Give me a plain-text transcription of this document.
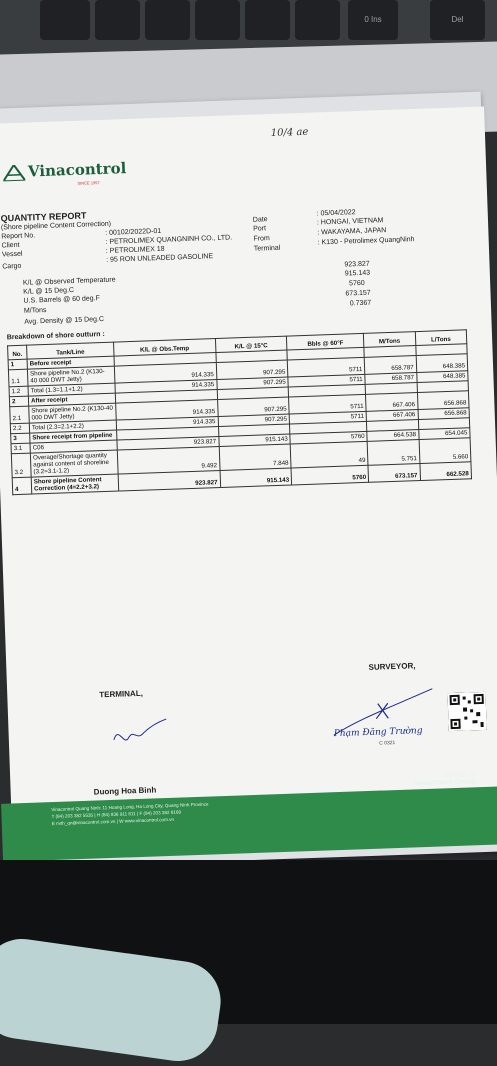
0 Ins	Del
Vinacontrol
SINCE 1957
10/4 ae
QUANTITY REPORT
(Shore pipeline Content Correction)
Report No.	: 00102/2022D-01
Client	: PETROLIMEX QUANGNINH CO., LTD.
Vessel	: PETROLIMEX 18
Cargo
: 95 RON UNLEADED GASOLINE
Date
: 05/04/2022
Port
: HONGAI, VIETNAM
From
: WAKAYAMA, JAPAN
Terminal
: K130 - Petrolimex QuangNinh
K/L @ Observed Temperature
923.827
K/L @ 15 Deg.C
915.143
U.S. Barrels @ 60 deg.F
5760
M/Tons
673.157
Avg. Density @ 15 Deg.C
0.7367
Breakdown of shore outturn :
No.	Tank/Line	K/L @ Obs.Temp	K/L @ 15°C	Bbls @ 60°F	M/Tons	L/Tons
1	Before receipt					
1.1	Shore pipeline No.2 (K130- 40 000 DWT Jetty)	914.335	907.295	5711	658.787	648.385
1.2	Total (1.3=1.1+1.2)	914.335	907.295	5711	658.787	648.385
2	After receipt					
2.1	Shore pipeline No.2 (K130-40 000 DWT Jetty)	914.335	907.295	5711	667.406	656.868
2.2	Total (2.3=2.1+2.2)	914.335	907.295	5711	667.406	656.868
3	Shore receipt from pipeline					
3.1	C06	923.827	915.143	5760	664.538	654.045
3.2	Overage/Shortage quantity against content of shoreline (3.2=3.1-1.2)	9.492	7.848	49	5.751	5.660
4	Shore pipeline Content Correction (4=2.2+3.2)	923.827	915.143	5760	673.157	662.528
TERMINAL,
SURVEYOR,
Phạm Đăng Trường
C 0321
Duong Hoa Binh
Vinacontrol Quang Ninh: 11 Hoang Long, Ha Long City, Quang Ninh Province
T (84) 203 382 5535 | H (84) 936 911 811 | F (84) 203 382 6169
E nvth_qn@vinacontrol.com.vn | W www.vinacontrol.com.vn
Member of
Vinacontrol Group
